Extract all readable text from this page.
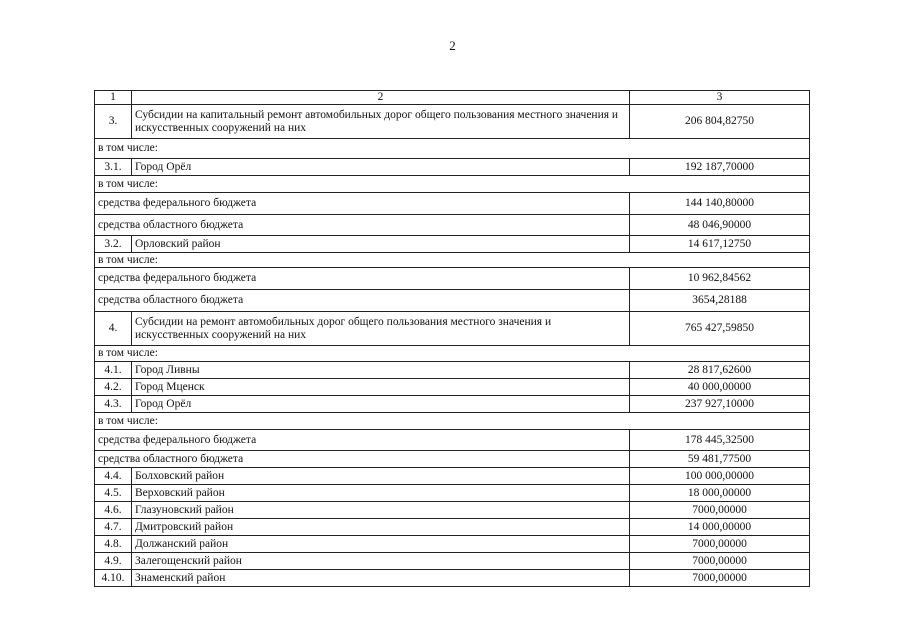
2
1	2	3
3.	Субсидии на капитальный ремонт автомобильных дорог общего пользования местного значения и искусственных сооружений на них	206 804,82750
в том числе:		
3.1.	Город Орёл	192 187,70000
в том числе:		
средства федерального бюджета		144 140,80000
средства областного бюджета		48 046,90000
3.2.	Орловский район	14 617,12750
в том числе:		
средства федерального бюджета		10 962,84562
средства областного бюджета		3654,28188
4.	Субсидии на ремонт автомобильных дорог общего пользования местного значения и искусственных сооружений на них	765 427,59850
в том числе:		
4.1.	Город Ливны	28 817,62600
4.2.	Город Мценск	40 000,00000
4.3.	Город Орёл	237 927,10000
в том числе:		
средства федерального бюджета		178 445,32500
средства областного бюджета		59 481,77500
4.4.	Болховский район	100 000,00000
4.5.	Верховский район	18 000,00000
4.6.	Глазуновский район	7000,00000
4.7.	Дмитровский район	14 000,00000
4.8.	Должанский район	7000,00000
4.9.	Залегощенский район	7000,00000
4.10.	Знаменский район	7000,00000
